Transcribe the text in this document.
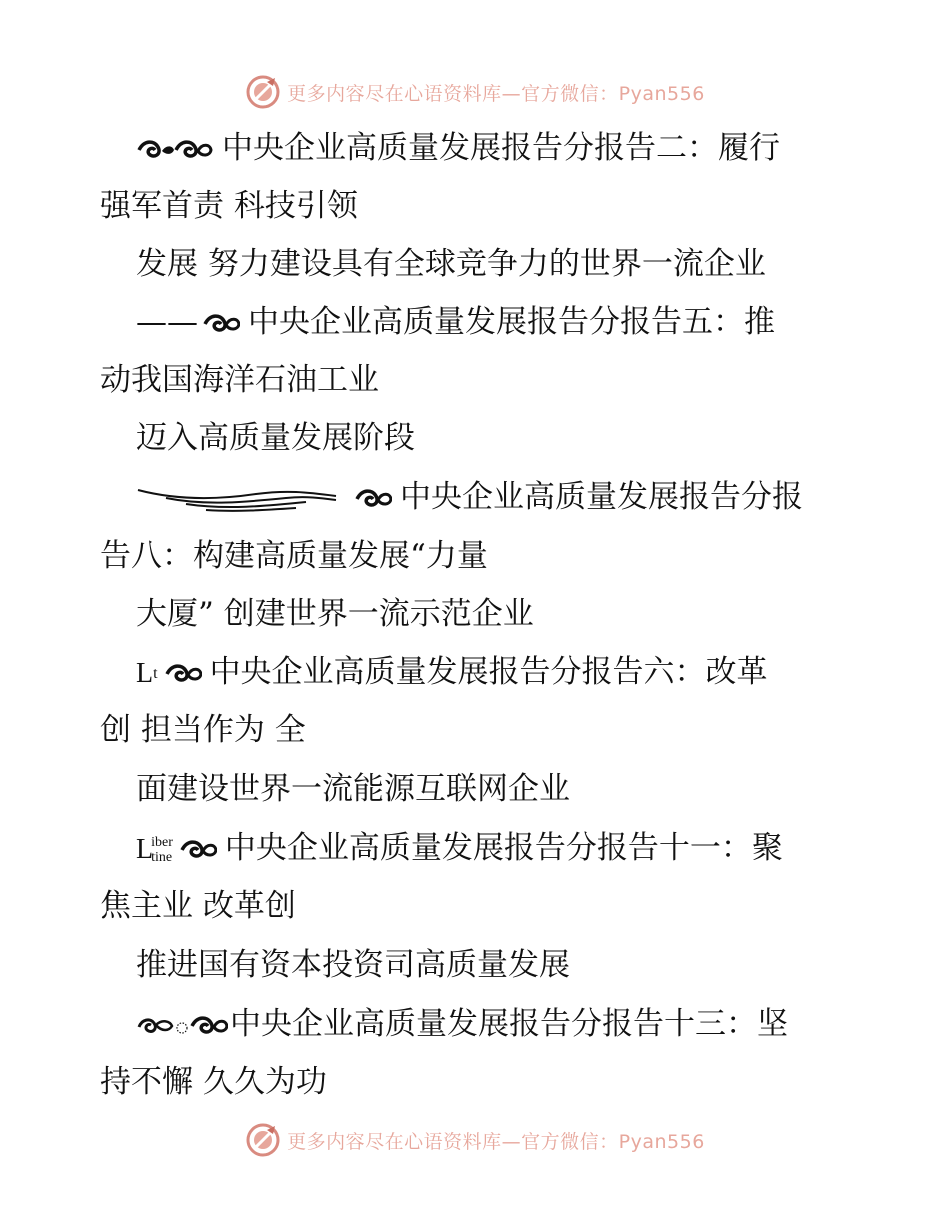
更多内容尽在心语资料库—官方微信：Pyan556
中央企业高质量发展报告分报告二：履行
强军首责 科技引领
发展 努力建设具有全球竞争力的世界一流企业
—— 中央企业高质量发展报告分报告五：推
动我国海洋石油工业
迈入高质量发展阶段
中央企业高质量发展报告分报
告八：构建高质量发展“力量
大厦” 创建世界一流示范企业
L t 中央企业高质量发展报告分报告六：改革
创 担当作为 全
面建设世界一流能源互联网企业
L
iber
tine 中央企业高质量发展报告分报告十一：聚
焦主业 改革创
推进国有资本投资司高质量发展
中央企业高质量发展报告分报告十三：坚
持不懈 久久为功
更多内容尽在心语资料库—官方微信：Pyan556
